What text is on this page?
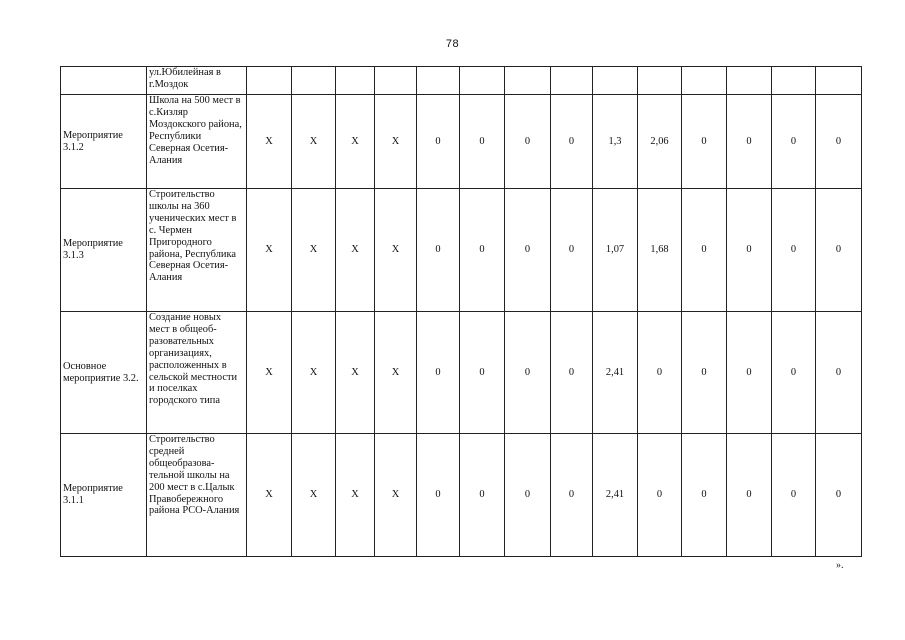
78
	ул.Юбилейная в г.Моздок														
Мероприятие 3.1.2	Школа на 500 мест в с.Кизляр Моздокского района, Республики Северная Осетия-Алания	Х	Х	Х	Х	0	0	0	0	1,3	2,06	0	0	0	0
Мероприятие 3.1.3	Строительство школы на 360 ученических мест в с. Чермен Пригородного района, Республика Северная Осетия-Алания	Х	Х	Х	Х	0	0	0	0	1,07	1,68	0	0	0	0
Основное мероприятие 3.2.	Создание новых мест в общеоб-разовательных организациях, расположенных в сельской местности и поселках городского типа	Х	Х	Х	Х	0	0	0	0	2,41	0	0	0	0	0
Мероприятие 3.1.1	Строительство средней общеобразова-тельной школы на 200 мест в с.Цалык Правобережного района РСО-Алания	Х	Х	Х	Х	0	0	0	0	2,41	0	0	0	0	0
».
